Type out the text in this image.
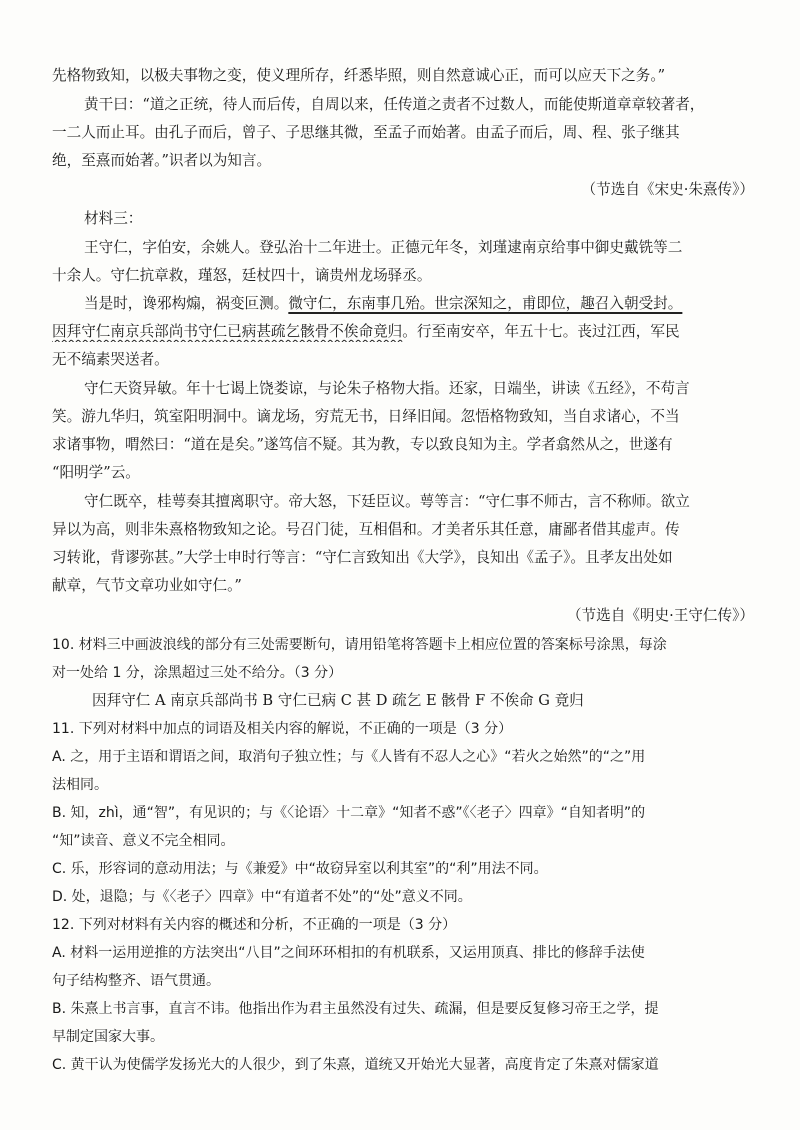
先格物致知，以极夫事物之变，使义理所存，纤悉毕照，则自然意诚心正，而可以应天下之务。”
黄干曰：“道之正统，待人而后传，自周以来，任传道之责者不过数人，而能使斯道章章较著者，
一二人而止耳。由孔子而后，曾子、子思继其微，至孟子而始著。由孟子而后，周、程、张子继其
绝，至熹而始著。”识者以为知言。
（节选自《宋史·朱熹传》）
材料三：
王守仁，字伯安，余姚人。登弘治十二年进士。正德元年冬，刘瑾逮南京给事中御史戴铣等二
十余人。守仁抗章救，瑾怒，廷杖四十，谪贵州龙场驿丞。
当是时，谗邪构煽，祸变叵测。微守仁，东南事几殆。世宗深知之，甫即位，趣召入朝受封。
因拜守仁南京兵部尚书守仁已病甚疏乞骸骨不俟命竟归。行至南安卒，年五十七。丧过江西，军民
无不缟素哭送者。
守仁天资异敏。年十七谒上饶娄谅，与论朱子格物大指。还家，日端坐，讲读《五经》，不苟言
笑。游九华归，筑室阳明洞中。谪龙场，穷荒无书，日绎旧闻。忽悟格物致知，当自求诸心，不当
求诸事物，喟然曰：“道在是矣。”遂笃信不疑。其为教，专以致良知为主。学者翕然从之，世遂有
“阳明学”云。
守仁既卒，桂萼奏其擅离职守。帝大怒，下廷臣议。萼等言：“守仁事不师古，言不称师。欲立
异以为高，则非朱熹格物致知之论。号召门徒，互相倡和。才美者乐其任意，庸鄙者借其虚声。传
习转讹，背谬弥甚。”大学士申时行等言：“守仁言致知出《大学》，良知出《孟子》。且孝友出处如
献章，气节文章功业如守仁。”
（节选自《明史·王守仁传》）
10. 材料三中画波浪线的部分有三处需要断句，请用铅笔将答题卡上相应位置的答案标号涂黑，每涂
对一处给 1 分，涂黑超过三处不给分。（3 分）
因拜守仁 A 南京兵部尚书 B 守仁已病 C 甚 D 疏乞 E 骸骨 F 不俟命 G 竟归
11. 下列对材料中加点的词语及相关内容的解说，不正确的一项是（3 分）
A. 之，用于主语和谓语之间，取消句子独立性；与《人皆有不忍人之心》“若火之始然”的“之”用
法相同。
B. 知，zhì，通“智”，有见识的；与《〈论语〉十二章》“知者不惑”《〈老子〉四章》“自知者明”的
“知”读音、意义不完全相同。
C. 乐，形容词的意动用法；与《兼爱》中“故窃异室以利其室”的“利”用法不同。
D. 处，退隐；与《〈老子〉四章》中“有道者不处”的“处”意义不同。
12. 下列对材料有关内容的概述和分析，不正确的一项是（3 分）
A. 材料一运用逆推的方法突出“八目”之间环环相扣的有机联系，又运用顶真、排比的修辞手法使
句子结构整齐、语气贯通。
B. 朱熹上书言事，直言不讳。他指出作为君主虽然没有过失、疏漏，但是要反复修习帝王之学，提
早制定国家大事。
C. 黄干认为使儒学发扬光大的人很少，到了朱熹，道统又开始光大显著，高度肯定了朱熹对儒家道
